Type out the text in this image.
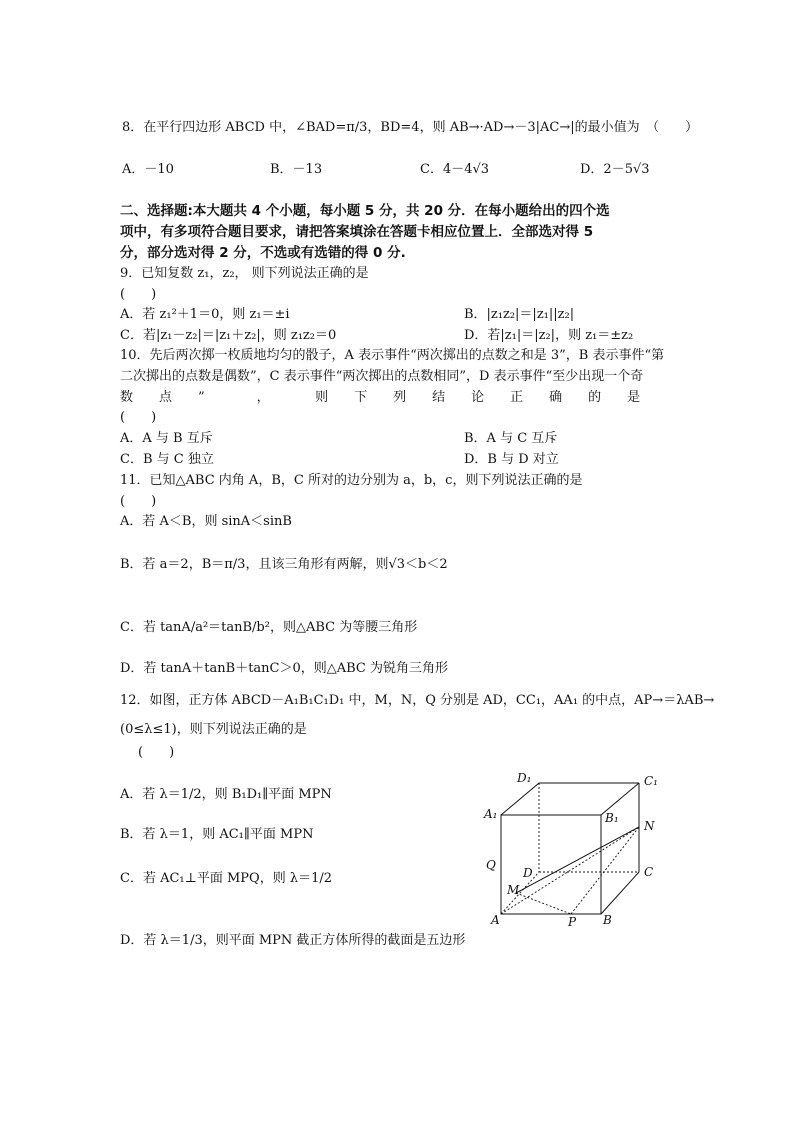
8．在平行四边形 ABCD 中，∠BAD=π/3，BD=4，则 AB→·AD→－3|AC→|的最小值为　（　　）
A．－10	B．－13	C．4－4√3	D．2－5√3
二、选择题:本大题共 4 个小题，每小题 5 分，共 20 分．在每小题给出的四个选
项中，有多项符合题目要求，请把答案填涂在答题卡相应位置上．全部选对得 5
分，部分选对得 2 分，不选或有选错的得 0 分.
9．已知复数 z₁，z₂， 则下列说法正确的是
(　　)
A．若 z₁²＋1＝0，则 z₁＝±i	B．|z₁z₂|＝|z₁||z₂|
C．若|z₁－z₂|＝|z₁＋z₂|，则 z₁z₂＝0	D．若|z₁|＝|z₂|，则 z₁＝±z₂
10．先后两次掷一枚质地均匀的骰子，A 表示事件“两次掷出的点数之和是 3”，B 表示事件“第
二次掷出的点数是偶数”，C 表示事件“两次掷出的点数相同”，D 表示事件“至少出现一个奇
数　　点　　”　　　　，　　　　则　　下　　列　　结　　论　　正　　确　　的　　是
(　　)
A．A 与 B 互斥	B．A 与 C 互斥
C．B 与 C 独立	D．B 与 D 对立
11．已知△ABC 内角 A，B，C 所对的边分别为 a，b，c，则下列说法正确的是
(　　)
A．若 A＜B，则 sinA＜sinB
B．若 a＝2，B＝π/3，且该三角形有两解，则√3＜b＜2
C．若 tanA/a²＝tanB/b²，则△ABC 为等腰三角形
D．若 tanA＋tanB＋tanC＞0，则△ABC 为锐角三角形
12．如图，正方体 ABCD－A₁B₁C₁D₁ 中，M，N，Q 分别是 AD，CC₁，AA₁ 的中点，AP→＝λAB→
(0≤λ≤1)，则下列说法正确的是
(　　)
A．若 λ＝1/2，则 B₁D₁∥平面 MPN
B．若 λ＝1，则 AC₁∥平面 MPN
C．若 AC₁⊥平面 MPQ，则 λ＝1/2
D．若 λ＝1/3，则平面 MPN 截正方体所得的截面是五边形
D₁	C₁
A₁	B₁
N
Q
D	C
M
A	P B
